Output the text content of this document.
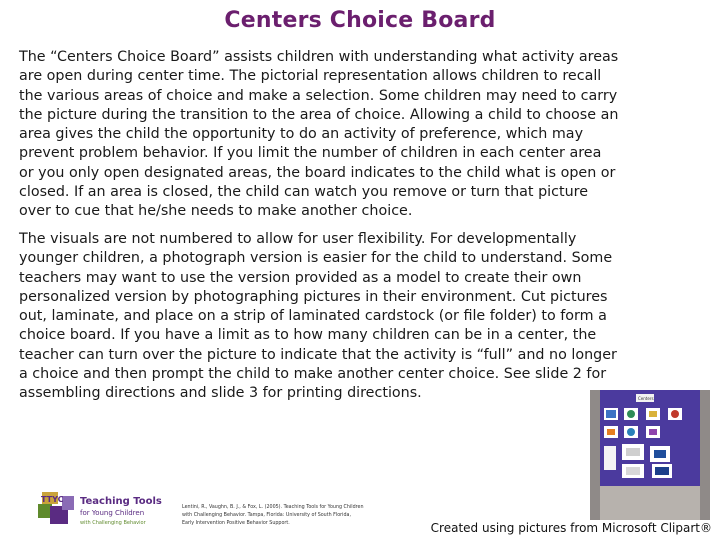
Centers Choice Board

The “Centers Choice Board” assists children with understanding what activity areas
are open during center time. The pictorial representation allows children to recall
the various areas of choice and make a selection. Some children may need to carry
the picture during the transition to the area of choice. Allowing a child to choose an
area gives the child the opportunity to do an activity of preference, which may
prevent problem behavior. If you limit the number of children in each center area
or you only open designated areas, the board indicates to the child what is open or
closed. If an area is closed, the child can watch you remove or turn that picture
over to cue that he/she needs to make another choice.

The visuals are not numbered to allow for user flexibility. For developmentally
younger children, a photograph version is easier for the child to understand. Some
teachers may want to use the version provided as a model to create their own
personalized version by photographing pictures in their environment. Cut pictures
out, laminate, and place on a strip of laminated cardstock (or file folder) to form a
choice board. If you have a limit as to how many children can be in a center, the
teacher can turn over the picture to indicate that the activity is “full” and no longer
a choice and then prompt the child to make another center choice. See slide 2 for
assembling directions and slide 3 for printing directions.

TTYC Teaching Tools
for Young Children
with Challenging Behavior
Lentini, R., Vaughn, B. J., & Fox, L. (2005). Teaching Tools for Young Children
with Challenging Behavior. Tampa, Florida: University of South Florida,
Early Intervention Positive Behavior Support.
Centers
Created using pictures from Microsoft Clipart®
